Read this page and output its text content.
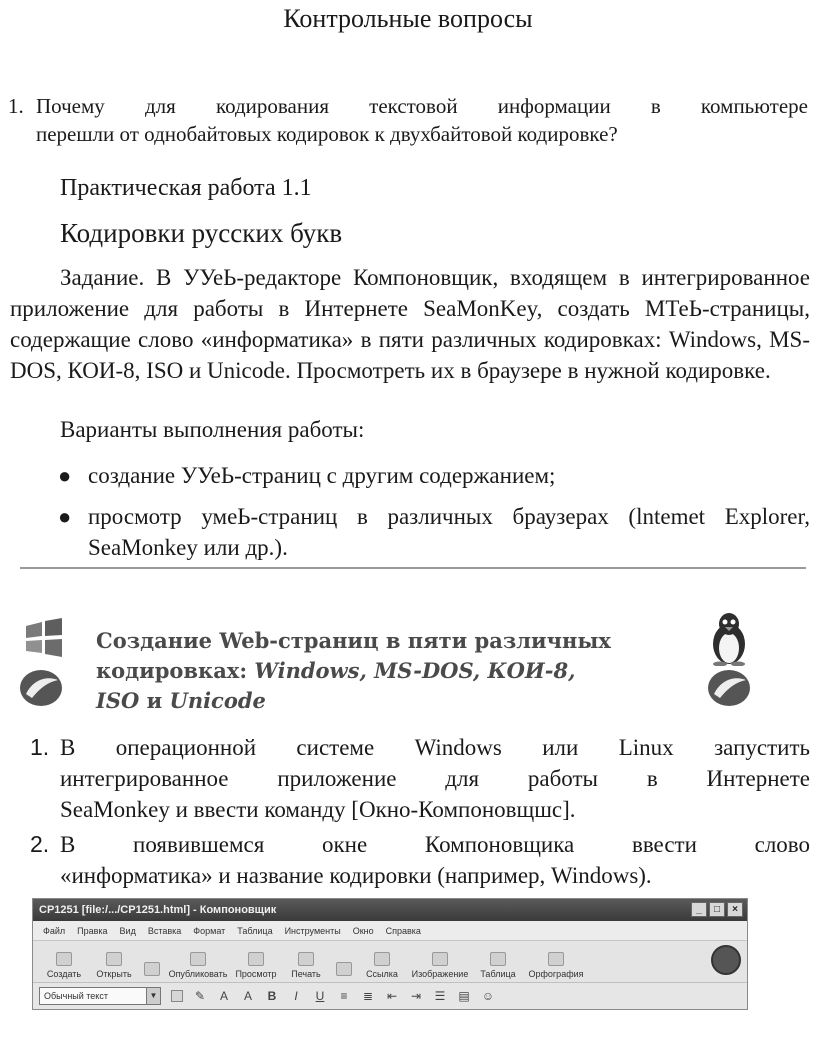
Контрольные вопросы
1. Почему для кодирования текстовой информации в компьютере
перешли от однобайтовых кодировок к двухбайтовой кодировке?
Практическая работа 1.1
Кодировки русских букв
Задание. В УУеЬ-редакторе Компоновщик, входящем в интегрированное приложение для работы в Интернете SeaMonKey, создать МТеЬ-страницы, содержащие слово «информатика» в пяти различных кодировках: Windows, MS-DOS, КОИ-8, ISO и Unicode. Просмотреть их в браузере в нужной кодировке.
Варианты выполнения работы:
● создание УУеЬ-страниц с другим содержанием;
● просмотр умеЬ-страниц в различных браузерах (lntemet Explorer, SeaMonkey или др.).
Создание Web-страниц в пяти различных кодировках: Windows, MS-DOS, КОИ-8,
ISO и Unicode
1. В операционной системе Windows или Linux запустить
интегрированное приложение для работы в Интернете
SeaMonkey и ввести команду [Окно-Компоновщшс].
2. В появившемся окне Компоновщика ввести слово
«информатика» и название кодировки (например, Windows).
CP1251 [file:/.../CP1251.html] - Компоновщик	_	□	×
Файл Правка Вид Вставка Формат Таблица Инструменты Окно Справка
Создать	Открыть	Опубликовать Просмотр	Печать	Ссылка	Изображение	Таблица	Орфография
Обычный текст	▼	✎ A A B	I	U ≡ ≣ ⇤ ⇥ ☰ ▤ ☺
